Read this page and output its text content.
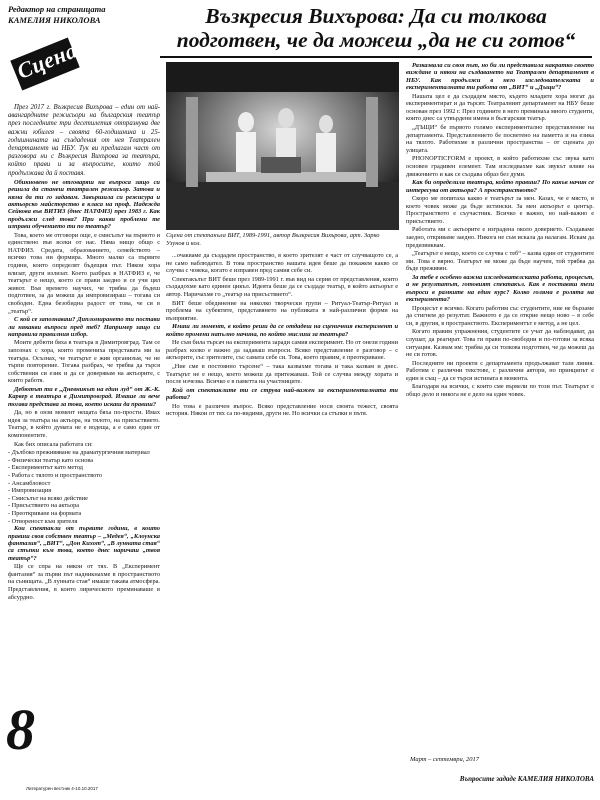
Редактор на страницата
КАМЕЛИЯ НИКОЛОВА
Сцена
Възкресия Вихърова: Да си толкова подготвен, че да можеш „да не си готов“

През 2017 г. Възкресия Вихърова – един от най-авангардните режисьори на българския театър през последните три десетилетия отпразнува две важни юбилея – своята 60-годишнина и 25-годишнината на създадения от нея Театрален департамент на НБУ. Тук ви предлагам част от разговора ни с Възкресия Вихърова за театъра, който прави и за въпросите, които той продължава да й поставя.

Обикновено не отговаряш на въпроса защо си решила да станеш театрален режисьор. Затова и няма да ти го задавам. Завършила си режисура и актьорско майсторство в класа на проф. Надежда Сейкова във ВИТИЗ (днес НАТФИЗ) през 1983 г. Как продължи след това? При какви проблеми те изправи обучението ти по театър?

Това, което ме отговори още, е смисълът на първото и единствено във всеки от нас. Няма нищо общо с НАТФИЗ. Средата, образованието, семейството – всичко това ни формира. Много малко са първите години, които определят бъдещия път. Някои хора влизат, други излизат. Което разбрах в НАТФИЗ е, че театърът е нещо, което се прави заедно и се учи цял живот. Във времето научих, че трябва да бъдеш подготвен, за да можеш да импровизираш – тогава си свободен. Една безобидна радост от това, че си в „театър“.

С кой се запознаваш? Дипломирането ти постави ли някакви въпроси пред теб? Например защо си направила правилния избор.

Моите дебюти бяха в театъра в Димитровград. Там се запознах с хора, които промениха представата ми за театъра. Осъзнах, че театърът е жив организъм, че не търпи повторение. Тогава разбрах, че трябва да търся собствения си език и да се доверявам на актьорите, с които работя.

Дебютът ти е „Дневникът на един луд“ от Ж.-К. Карвер в театъра в Димитровград. Имаше ли вече тогава представа за това, което искаш да правиш?

Да, но в онзи момент нещата бяха по-прости. Имах идея за театъра на актьора, на тялото, на присъствието. Театър, в който думата не е водеща, а е само един от компонентите.

Как бих описала работата си:

- Дълбоко преживяване на драматургичния материал
- Физически театър като основа
- Експериментът като метод
- Работа с тялото и пространството
- Ансамбловост
- Импровизация
- Смисълът на всяко действие
- Присъствието на актьора
- Преоткриване на формата
- Отвореност към зрителя

Кои спектакли от първите години, в които правиш своя собствен театър – „Медея“, „Клоунска фантазия“, „ВИТ“, „Дон Кихот“, „В лунната стая“ са стъпки към това, което днес наричаш „твоя театър“?

Ще се спра на някои от тях. В „Експеримент фантазия“ за първи път надникнахме в пространството на сънищата. „В лунната стая“ имаше такава атмосфера. Представления, в които лирическото преминаваше в абсурдно.

Сцена от спектакъла ВИТ, 1989-1991, автор Възкресия Вихърова, арт. Зарко Узунов и кол.

...очакваме да създадем пространство, в което зрителят е част от случващото се, а не само наблюдател. В това пространство нашата идея беше да покажем какво се случва с човека, когато е изправен пред самия себе си.

Спектакълът ВИТ беше през 1989-1991 г. във вид на серия от представления, които създадохме като единен цикъл. Идеята беше да се създаде театър, в който актьорът е автор. Наричахме го „театър на присъствието“.

ВИТ беше обединение на няколко творчески групи – Ритуал-Театър-Ритуал и проблема на субектите, представянето на публиката в най-различни форми на възприятие.

Имаш ли момент, в който реши да се отдадеш на сценичния експеримент и който промени напълно начина, по който мислиш за театъра?

Не съм била търсач на експеримента заради самия експеримент. Но от онези години разбрах колко е важно да задаваш въпроси. Всяко представление е разговор – с актьорите, със зрителите, със самата себе си. Това, което правим, е преоткриване.

„Ние сме в постоянно търсене“ – така казвахме тогава и така казвам и днес. Театърът не е нещо, което можеш да притежаваш. Той се случва между хората и после изчезва. Всичко е в паметта на участниците.

Кой от спектаклите ти се струва най-важен за експерименталната ти работа?

Но това е различен въпрос. Всяко представление носи своята тежест, своята история. Някои от тях са по-видими, други не. Но всички са стъпки в пътя.

Разказвала си своя път, но би ли представила накратко своето виждане и някои на създаването на Театрален департамент в НБУ. Как продължи в него изследователската и експерименталната ти работа от „ВИТ“ и „Дъщи“?

Нашата цел е да създадем място, където младите хора могат да експериментират и да търсят. Театралният департамент на НБУ беше основан през 1992 г. През годините в него преминаха много студенти, които днес са утвърдени имена в българския театър.

„ДЪЩИ“ бе първото голямо експериментално представление на департамента. Представлението бе посветено на паметта и на езика на тялото. Работихме в различни пространства – от сцената до улицата.

PHONOPTICFORM е проект, в който работихме със звука като основен градивен елемент. Там изследвахме как звукът влияе на движението и как се създава образ без думи.

Как би определила театъра, който правиш? По какъв начин се интересува от актьора? А пространството?

Скоро ме попитаха какво е театърът за мен. Казах, че е място, в което човек може да бъде истински. За мен актьорът е център. Пространството е съучастник. Всичко е важно, но най-важно е присъствието.

Работата ми с актьорите е изградена около доверието. Създаваме заедно, откриваме заедно. Никога не съм искала да налагам. Искам да предизвиквам.

„Театърът е нещо, което се случва с теб“ – казва един от студентите ми. Това е вярно. Театърът не може да бъде научен, той трябва да бъде преживян.

За тебе е особено важна изследователската работа, процесът, а не резултатът, готовият спектакъл. Как е поставяш тези въпроси в рамките на един курс? Колко голяма е ролята на експеримента?

Процесът е всичко. Когато работим със студентите, ние не бързаме да стигнем до резултат. Важното е да се открие нещо ново – в себе си, в другия, в пространството. Експериментът е метод, а не цел.

Когато правим упражнения, студентите се учат да наблюдават, да слушат, да реагират. Това ги прави по-свободни и по-готови за всяка ситуация. Казвам им: трябва да си толкова подготвен, че да можеш да не си готов.

Последните ни проекти с департамента продължават тази линия. Работим с различни текстове, с различни автори, но принципът е един и същ – да се търси истината в момента.

Благодаря на всички, с които сме вървели по този път. Театърът е общо дело и никога не е дело на един човек.

8
Литературен вестник 4-10.10.2017
Март – септември, 2017
Въпросите зададе КАМЕЛИЯ НИКОЛОВА
